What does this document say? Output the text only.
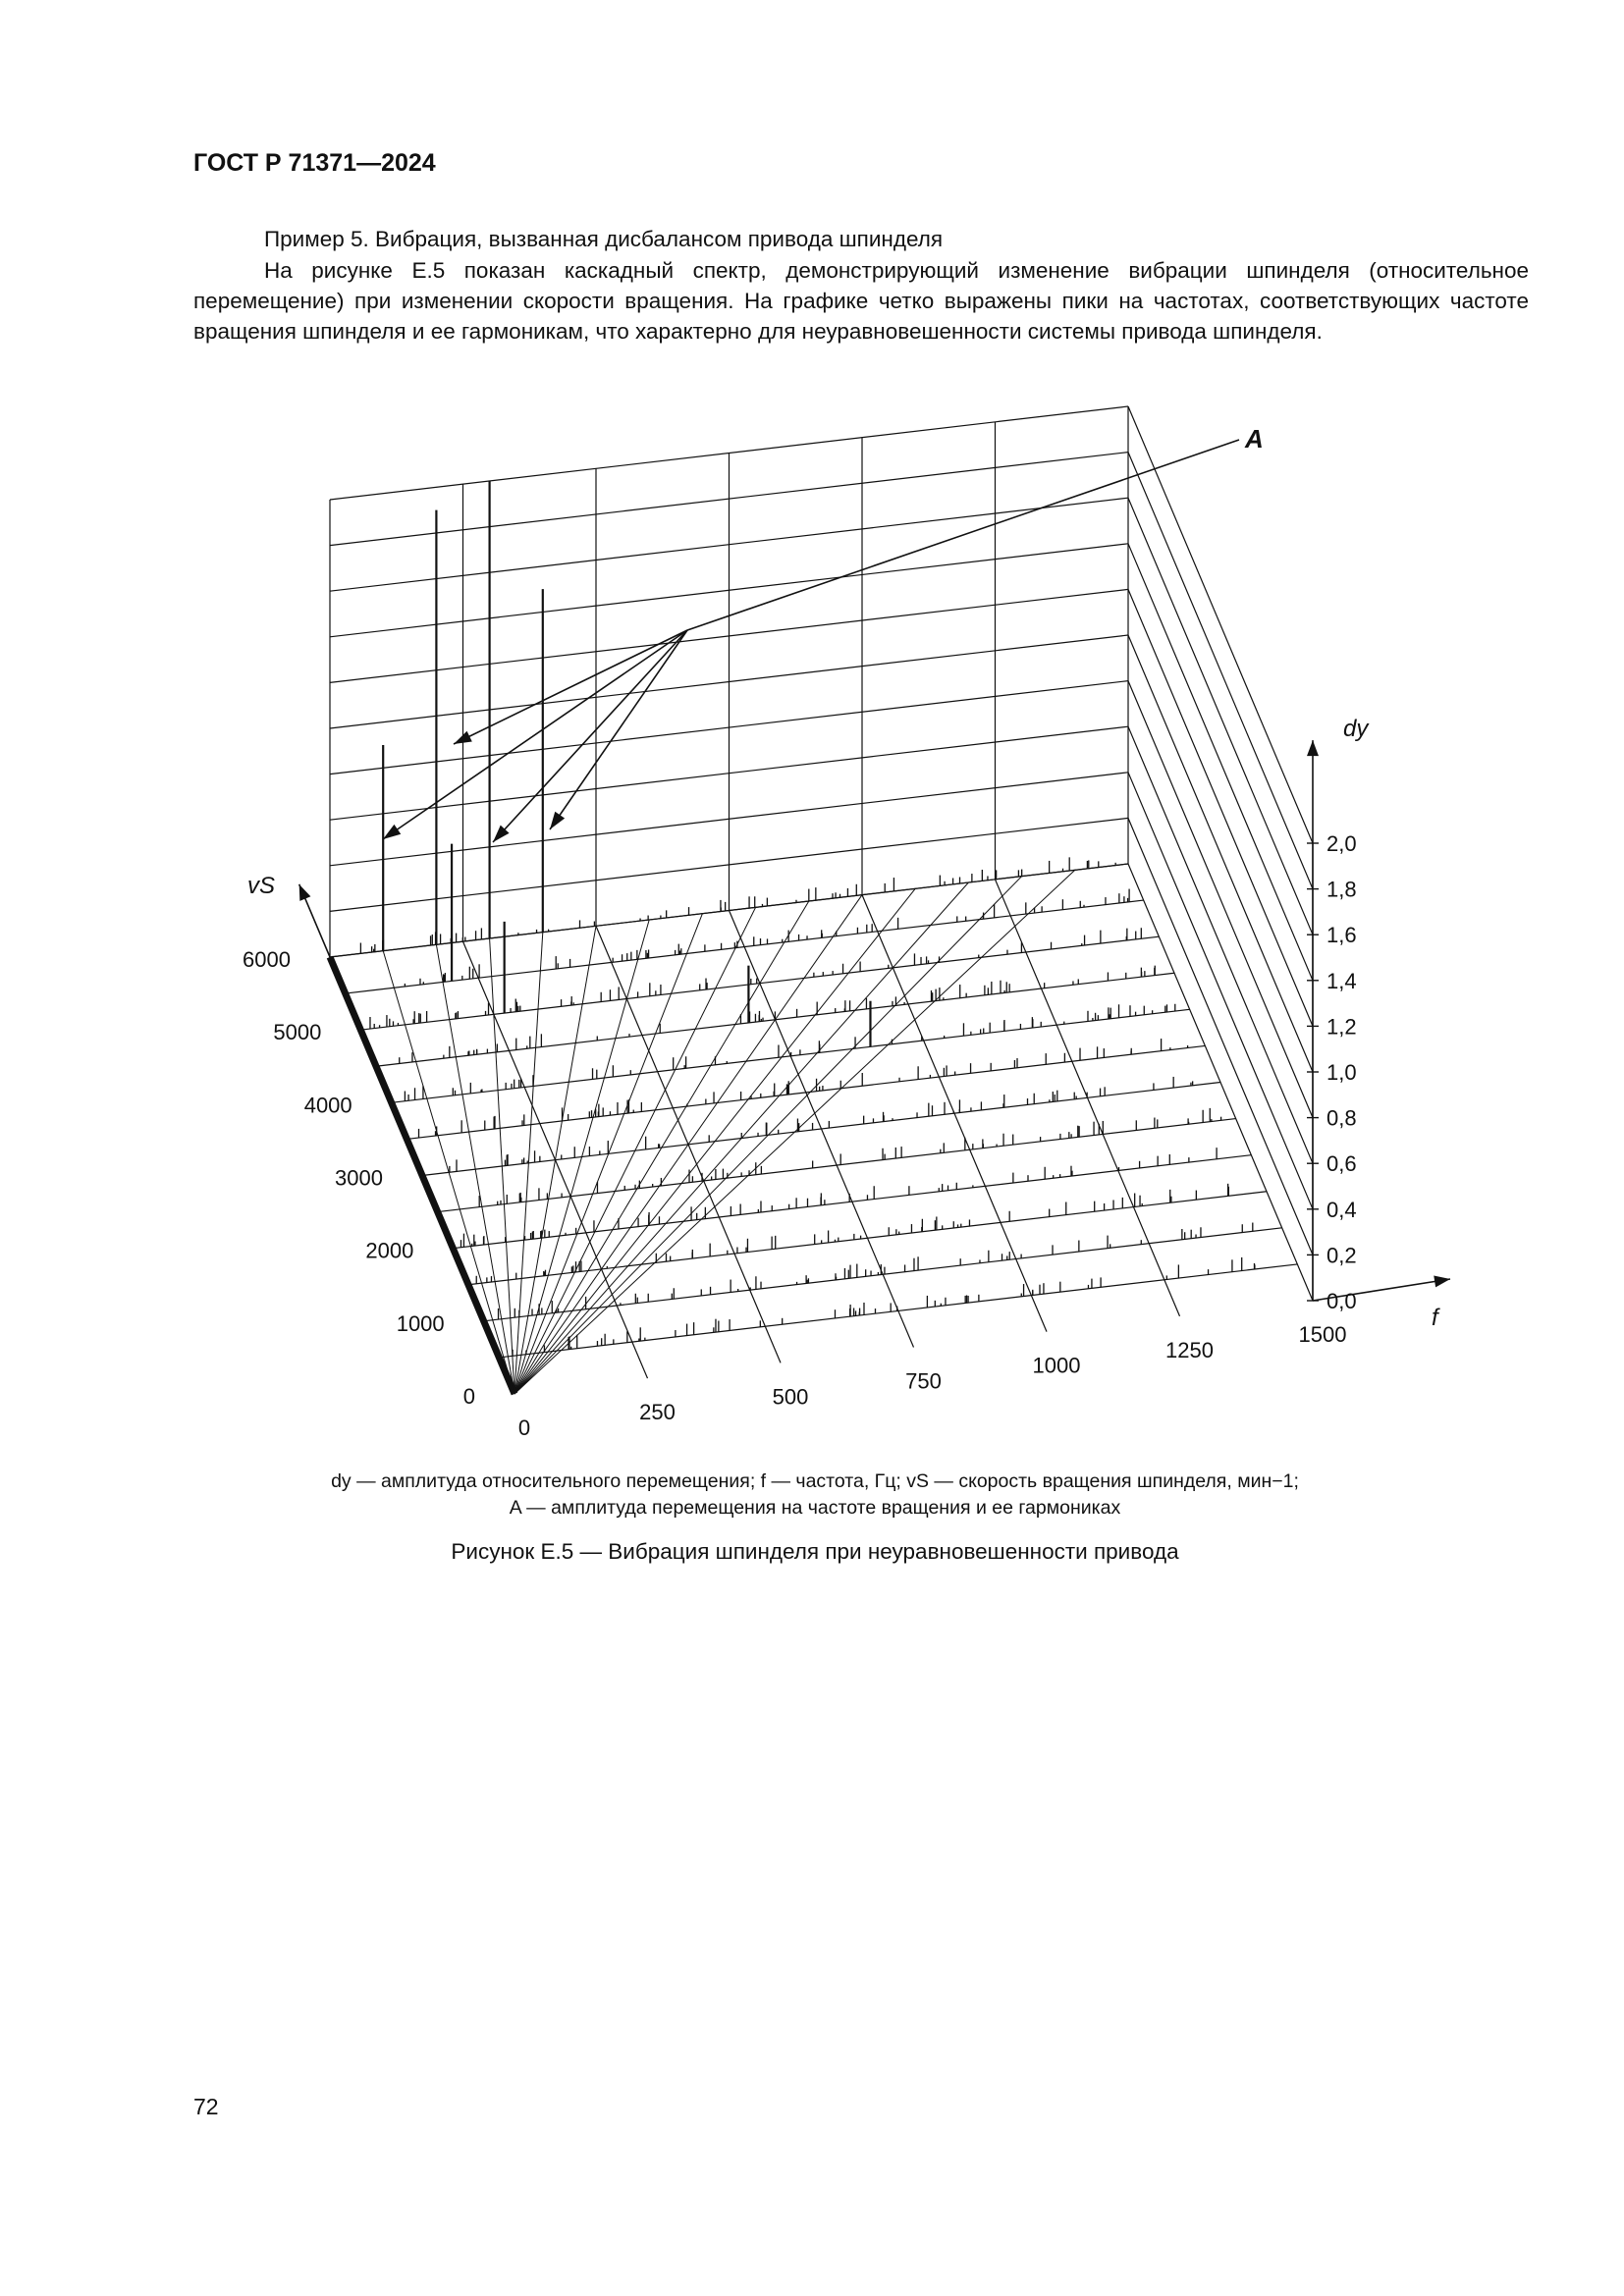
ГОСТ Р 71371—2024
Пример 5. Вибрация, вызванная дисбалансом привода шпинделя
На рисунке Е.5 показан каскадный спектр, демонстрирующий изменение вибрации шпинделя (относительное перемещение) при изменении скорости вращения. На графике четко выражены пики на частотах, соответствующих частоте вращения шпинделя и ее гармоникам, что характерно для неуравновешенности системы привода шпинделя.
0
250
500
750
1000
1250
1500
0
1000
2000
3000
4000
5000
6000
0,0
0,2
0,4
0,6
0,8
1,0
1,2
1,4
1,6
1,8
2,0
dy
f
vS
A
dy — амплитуда относительного перемещения; f — частота, Гц; vS — скорость вращения шпинделя, мин−1;
A — амплитуда перемещения на частоте вращения и ее гармониках
Рисунок Е.5 — Вибрация шпинделя при неуравновешенности привода
72
